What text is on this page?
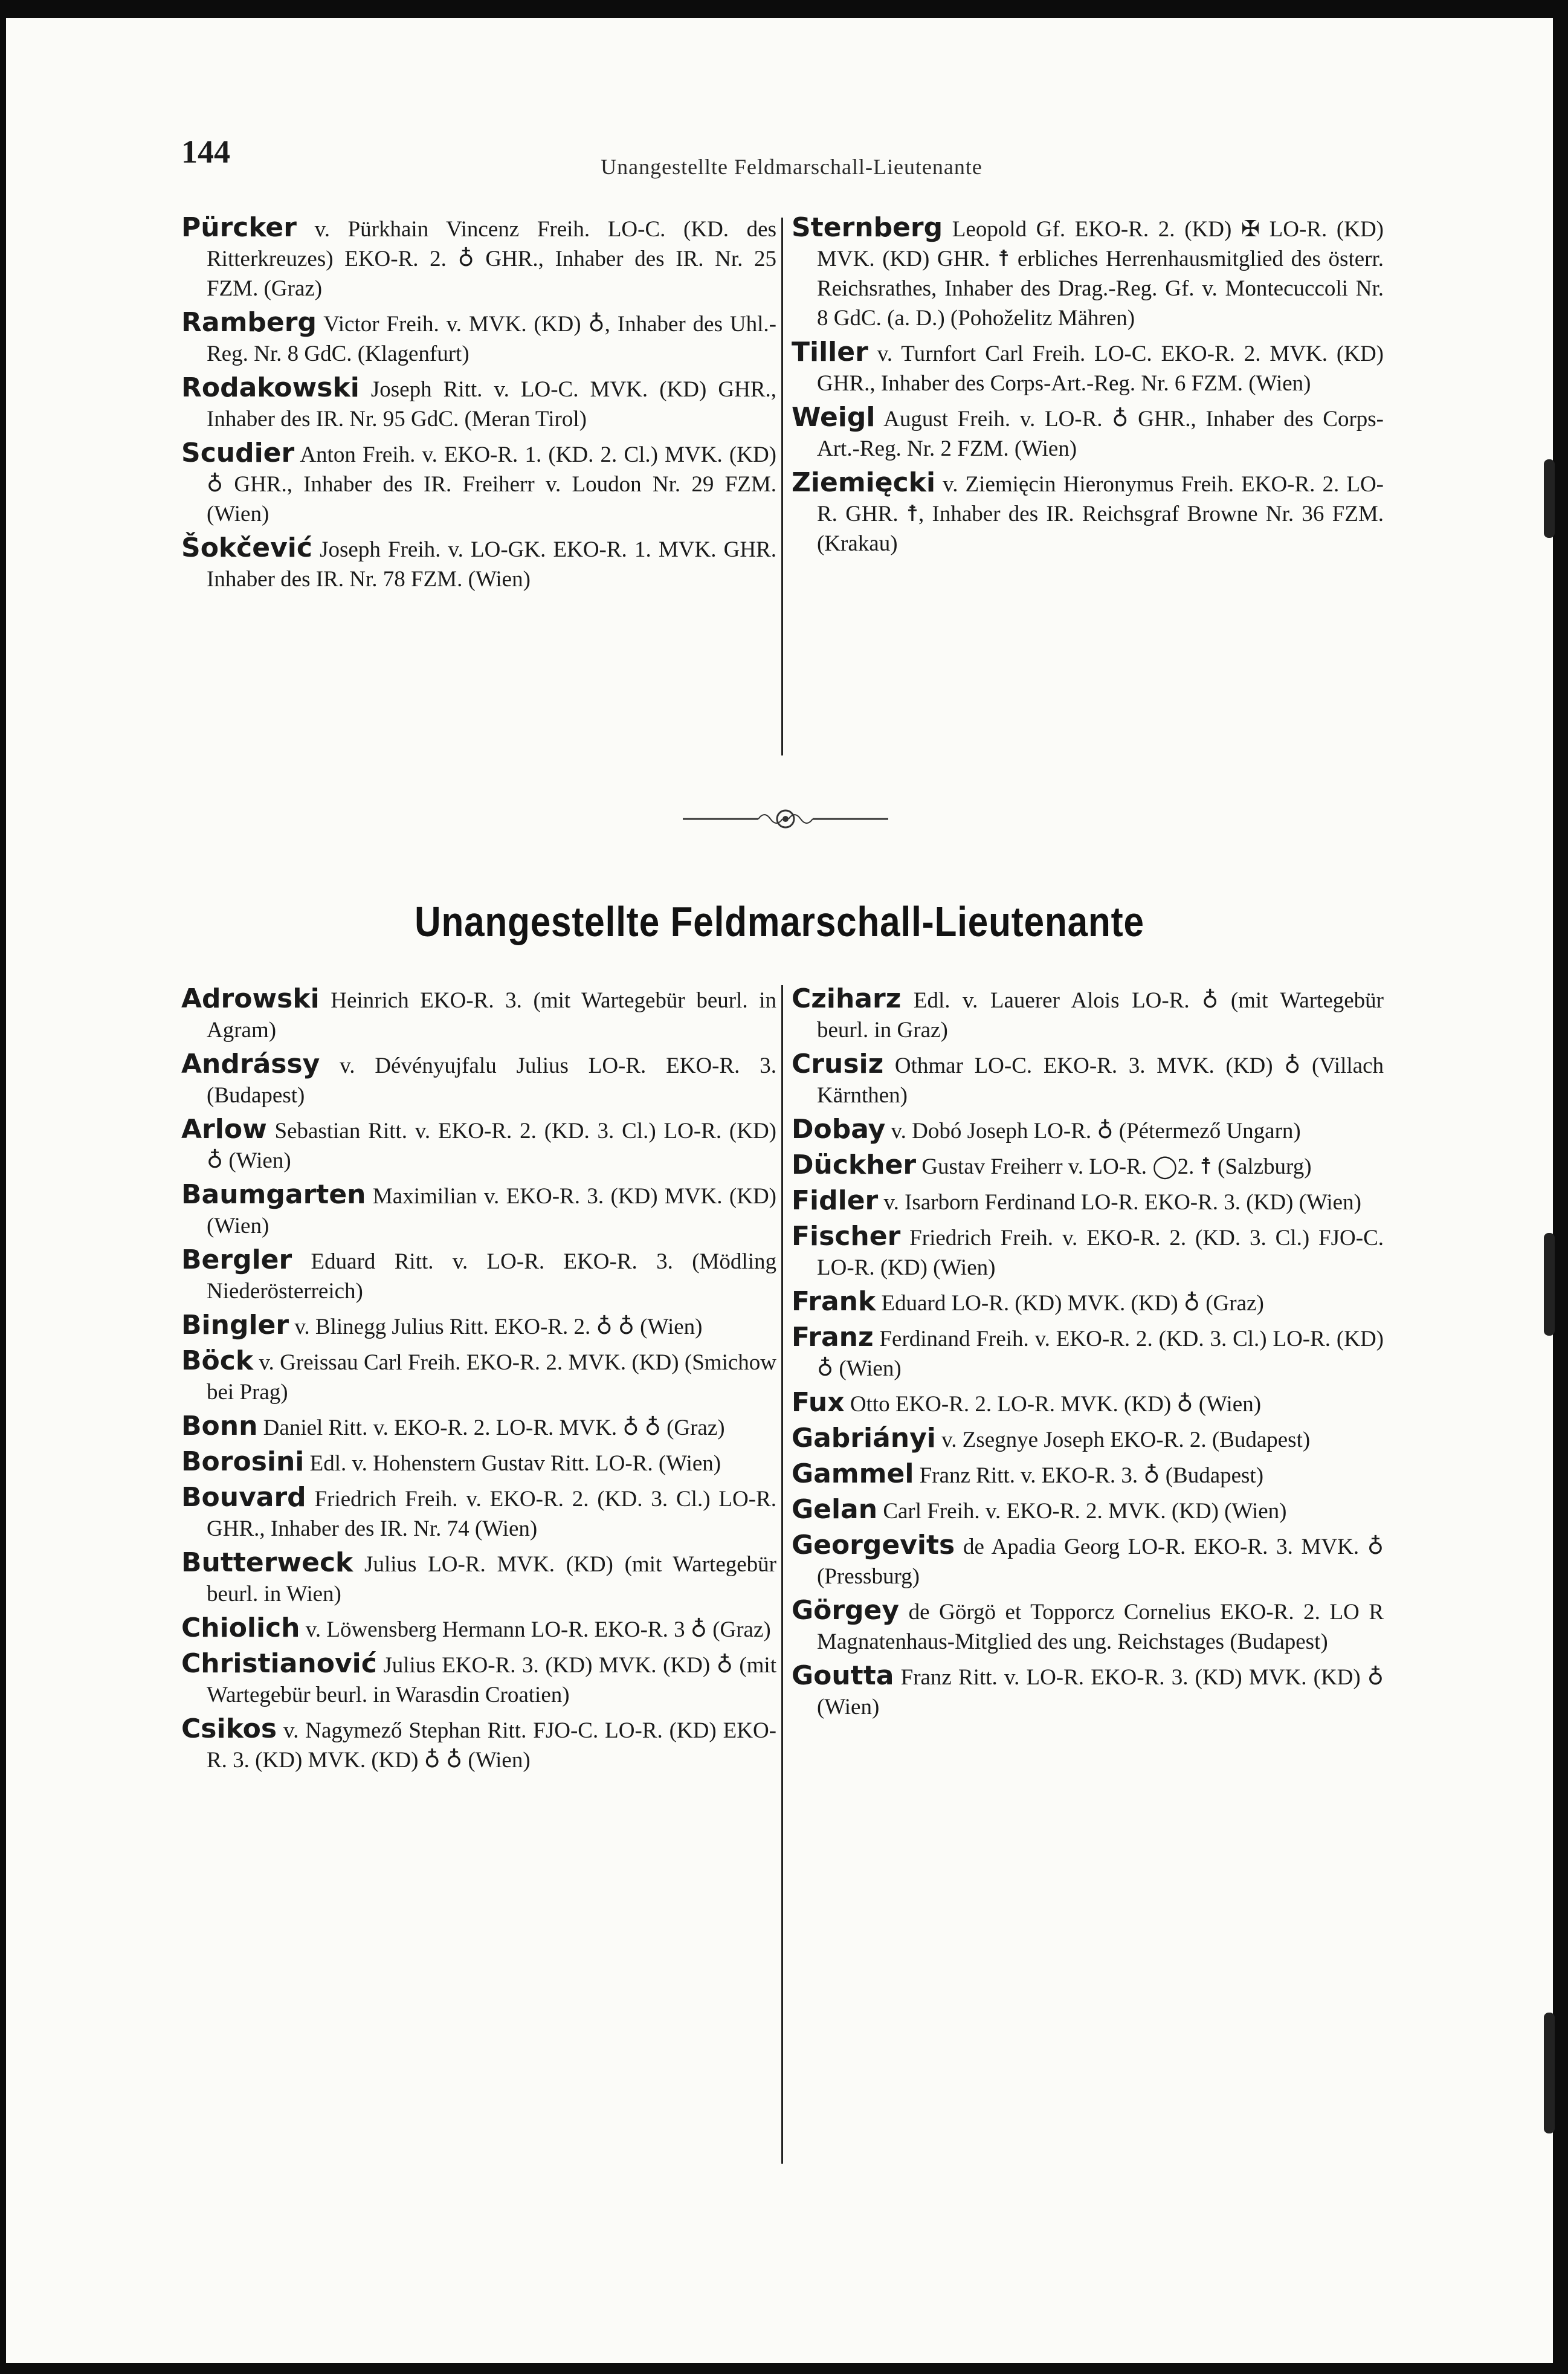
144	Unangestellte Feldmarschall-Lieutenante
Pürcker v. Pürkhain Vincenz Freih. LO-C. (KD. des Ritterkreuzes) EKO-R. 2. ♁ GHR., Inhaber des IR. Nr. 25 FZM. (Graz)
Ramberg Victor Freih. v. MVK. (KD) ♁, Inhaber des Uhl.-Reg. Nr. 8 GdC. (Klagenfurt)
Rodakowski Joseph Ritt. v. LO-C. MVK. (KD) GHR., Inhaber des IR. Nr. 95 GdC. (Meran Tirol)
Scudier Anton Freih. v. EKO-R. 1. (KD. 2. Cl.) MVK. (KD) ♁ GHR., Inhaber des IR. Freiherr v. Loudon Nr. 29 FZM. (Wien)
Šokčević Joseph Freih. v. LO-GK. EKO-R. 1. MVK. GHR. Inhaber des IR. Nr. 78 FZM. (Wien)
Sternberg Leopold Gf. EKO-R. 2. (KD) ✠ LO-R. (KD) MVK. (KD) GHR. ☨ erbliches Herrenhausmitglied des österr. Reichsrathes, Inhaber des Drag.-Reg. Gf. v. Montecuccoli Nr. 8 GdC. (a. D.) (Pohoželitz Mähren)
Tiller v. Turnfort Carl Freih. LO-C. EKO-R. 2. MVK. (KD) GHR., Inhaber des Corps-Art.-Reg. Nr. 6 FZM. (Wien)
Weigl August Freih. v. LO-R. ♁ GHR., Inhaber des Corps-Art.-Reg. Nr. 2 FZM. (Wien)
Ziemięcki v. Ziemięcin Hieronymus Freih. EKO-R. 2. LO-R. GHR. ☨, Inhaber des IR. Reichsgraf Browne Nr. 36 FZM. (Krakau)
Unangestellte Feldmarschall-Lieutenante
Adrowski Heinrich EKO-R. 3. (mit Wartegebür beurl. in Agram)
Andrássy v. Dévényujfalu Julius LO-R. EKO-R. 3. (Budapest)
Arlow Sebastian Ritt. v. EKO-R. 2. (KD. 3. Cl.) LO-R. (KD) ♁ (Wien)
Baumgarten Maximilian v. EKO-R. 3. (KD) MVK. (KD) (Wien)
Bergler Eduard Ritt. v. LO-R. EKO-R. 3. (Mödling Niederösterreich)
Bingler v. Blinegg Julius Ritt. EKO-R. 2. ♁ ♁ (Wien)
Böck v. Greissau Carl Freih. EKO-R. 2. MVK. (KD) (Smichow bei Prag)
Bonn Daniel Ritt. v. EKO-R. 2. LO-R. MVK. ♁ ♁ (Graz)
Borosini Edl. v. Hohenstern Gustav Ritt. LO-R. (Wien)
Bouvard Friedrich Freih. v. EKO-R. 2. (KD. 3. Cl.) LO-R. GHR., Inhaber des IR. Nr. 74 (Wien)
Butterweck Julius LO-R. MVK. (KD) (mit Wartegebür beurl. in Wien)
Chiolich v. Löwensberg Hermann LO-R. EKO-R. 3 ♁ (Graz)
Christianović Julius EKO-R. 3. (KD) MVK. (KD) ♁ (mit Wartegebür beurl. in Warasdin Croatien)
Csikos v. Nagymező Stephan Ritt. FJO-C. LO-R. (KD) EKO-R. 3. (KD) MVK. (KD) ♁ ♁ (Wien)
Cziharz Edl. v. Lauerer Alois LO-R. ♁ (mit Wartegebür beurl. in Graz)
Crusiz Othmar LO-C. EKO-R. 3. MVK. (KD) ♁ (Villach Kärnthen)
Dobay v. Dobó Joseph LO-R. ♁ (Pétermező Ungarn)
Dückher Gustav Freiherr v. LO-R. ◯2. ☨ (Salzburg)
Fidler v. Isarborn Ferdinand LO-R. EKO-R. 3. (KD) (Wien)
Fischer Friedrich Freih. v. EKO-R. 2. (KD. 3. Cl.) FJO-C. LO-R. (KD) (Wien)
Frank Eduard LO-R. (KD) MVK. (KD) ♁ (Graz)
Franz Ferdinand Freih. v. EKO-R. 2. (KD. 3. Cl.) LO-R. (KD) ♁ (Wien)
Fux Otto EKO-R. 2. LO-R. MVK. (KD) ♁ (Wien)
Gabriányi v. Zsegnye Joseph EKO-R. 2. (Budapest)
Gammel Franz Ritt. v. EKO-R. 3. ♁ (Budapest)
Gelan Carl Freih. v. EKO-R. 2. MVK. (KD) (Wien)
Georgevits de Apadia Georg LO-R. EKO-R. 3. MVK. ♁ (Pressburg)
Görgey de Görgö et Topporcz Cornelius EKO-R. 2. LO R Magnatenhaus-Mitglied des ung. Reichstages (Budapest)
Goutta Franz Ritt. v. LO-R. EKO-R. 3. (KD) MVK. (KD) ♁ (Wien)
